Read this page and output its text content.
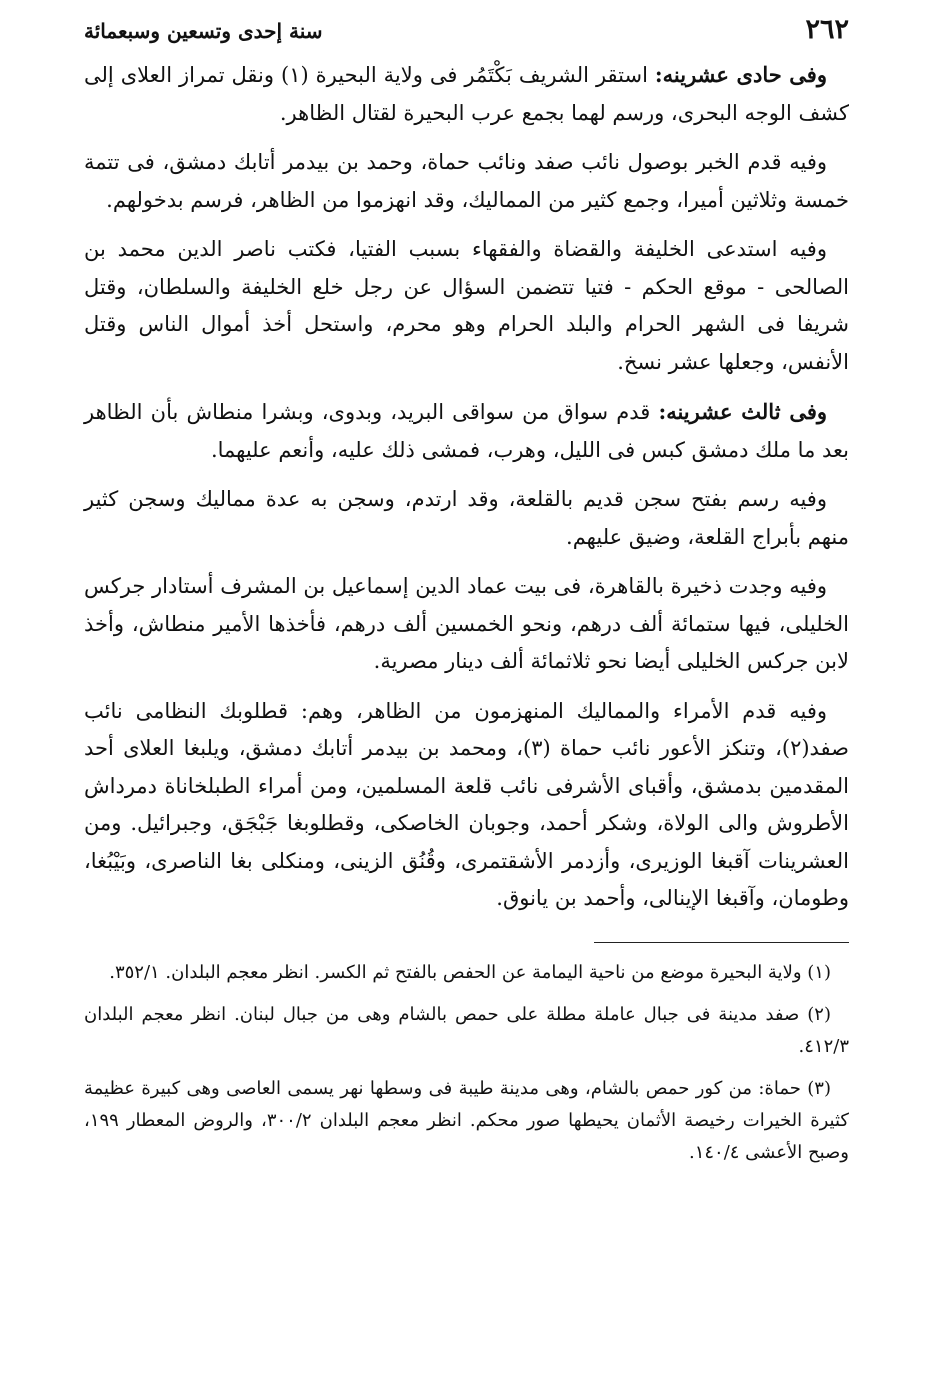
٢٦٢
سنة إحدى وتسعين وسبعمائة

وفى حادى عشرينه: استقر الشريف بَكْتَمُر فى ولاية البحيرة (١) ونقل تمراز العلاى إلى كشف الوجه البحرى، ورسم لهما بجمع عرب البحيرة لقتال الظاهر.

وفيه قدم الخبر بوصول نائب صفد ونائب حماة، وحمد بن بيدمر أتابك دمشق، فى تتمة خمسة وثلاثين أميرا، وجمع كثير من المماليك، وقد انهزموا من الظاهر، فرسم بدخولهم.

وفيه استدعى الخليفة والقضاة والفقهاء بسبب الفتيا، فكتب ناصر الدين محمد بن الصالحى - موقع الحكم - فتيا تتضمن السؤال عن رجل خلع الخليفة والسلطان، وقتل شريفا فى الشهر الحرام والبلد الحرام وهو محرم، واستحل أخذ أموال الناس وقتل الأنفس، وجعلها عشر نسخ.

وفى ثالث عشرينه: قدم سواق من سواقى البريد، وبدوى، وبشرا منطاش بأن الظاهر بعد ما ملك دمشق كبس فى الليل، وهرب، فمشى ذلك عليه، وأنعم عليهما.

وفيه رسم بفتح سجن قديم بالقلعة، وقد ارتدم، وسجن به عدة مماليك وسجن كثير منهم بأبراج القلعة، وضيق عليهم.

وفيه وجدت ذخيرة بالقاهرة، فى بيت عماد الدين إسماعيل بن المشرف أستادار جركس الخليلى، فيها ستمائة ألف درهم، ونحو الخمسين ألف درهم، فأخذها الأمير منطاش، وأخذ لابن جركس الخليلى أيضا نحو ثلاثمائة ألف دينار مصرية.

وفيه قدم الأمراء والمماليك المنهزمون من الظاهر، وهم: قطلوبك النظامى نائب صفد(٢)، وتنكز الأعور نائب حماة (٣)، ومحمد بن بيدمر أتابك دمشق، ويلبغا العلاى أحد المقدمين بدمشق، وأقباى الأشرفى نائب قلعة المسلمين، ومن أمراء الطبلخاناة دمرداش الأطروش والى الولاة، وشكر أحمد، وجوبان الخاصكى، وقطلوبغا جَبْجَق، وجبرائيل. ومن العشرينات آقبغا الوزيرى، وأزدمر الأشقتمرى، وقُنُق الزينى، ومنكلى بغا الناصرى، وبَيْبُغا، وطومان، وآقبغا الإينالى، وأحمد بن يانوق.

(١) ولاية البحيرة موضع من ناحية اليمامة عن الحفص بالفتح ثم الكسر. انظر معجم البلدان. ٣٥٢/١.

(٢) صفد مدينة فى جبال عاملة مطلة على حمص بالشام وهى من جبال لبنان. انظر معجم البلدان ٤١٢/٣.

(٣) حماة: من كور حمص بالشام، وهى مدينة طيبة فى وسطها نهر يسمى العاصى وهى كبيرة عظيمة كثيرة الخيرات رخيصة الأثمان يحيطها صور محكم. انظر معجم البلدان ٣٠٠/٢، والروض المعطار ١٩٩، وصبح الأعشى ١٤٠/٤.
